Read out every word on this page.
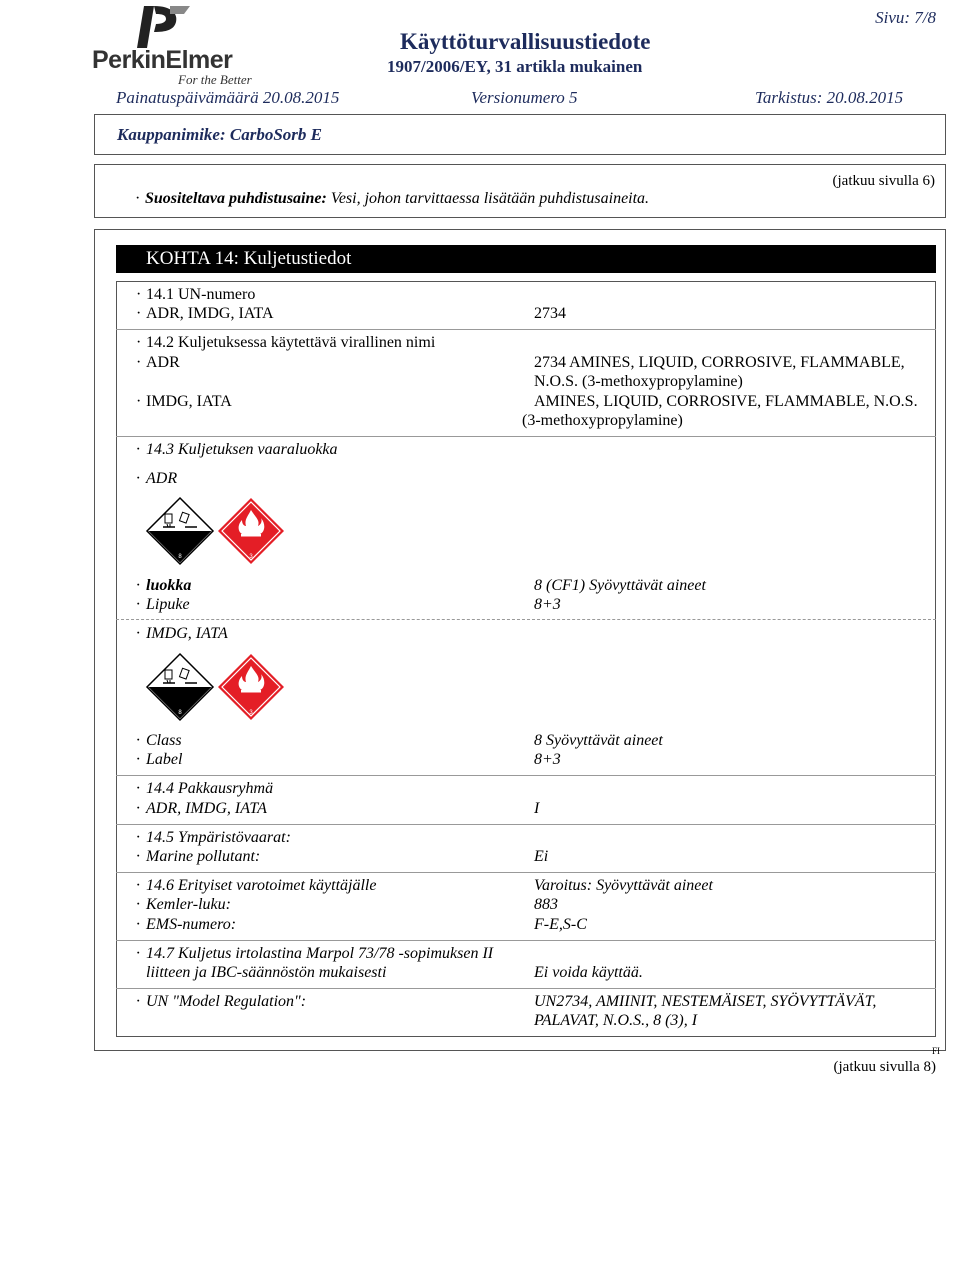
PerkinElmer
For the Better
Käyttöturvallisuustiedote
1907/2006/EY, 31 artikla mukainen
Sivu: 7/8
Painatuspäivämäärä 20.08.2015	Versionumero 5	Tarkistus: 20.08.2015
Kauppanimike: CarboSorb E
(jatkuu sivulla 6)
· Suositeltava puhdistusaine: Vesi, johon tarvittaessa lisätään puhdistusaineita.
KOHTA 14: Kuljetustiedot
· 14.1 UN-numero
· ADR, IMDG, IATA	2734
· 14.2 Kuljetuksessa käytettävä virallinen nimi
· ADR	2734 AMINES, LIQUID, CORROSIVE, FLAMMABLE,
N.O.S. (3-methoxypropylamine)
· IMDG, IATA	AMINES, LIQUID, CORROSIVE, FLAMMABLE, N.O.S.
(3-methoxypropylamine)
· 14.3 Kuljetuksen vaaraluokka
· ADR
8	3
· luokka	8 (CF1) Syövyttävät aineet
· Lipuke	8+3
· IMDG, IATA
8	3
· Class	8 Syövyttävät aineet
· Label	8+3
· 14.4 Pakkausryhmä
· ADR, IMDG, IATA	I
· 14.5 Ympäristövaarat:
· Marine pollutant:	Ei
· 14.6 Erityiset varotoimet käyttäjälle	Varoitus: Syövyttävät aineet
· Kemler-luku:	883
· EMS-numero:	F-E,S-C
· 14.7 Kuljetus irtolastina Marpol 73/78 -sopimuksen II
liitteen ja IBC-säännöstön mukaisesti	Ei voida käyttää.
· UN "Model Regulation":	UN2734, AMIINIT, NESTEMÄISET, SYÖVYTTÄVÄT,
PALAVAT, N.O.S., 8 (3), I
FI
(jatkuu sivulla 8)
